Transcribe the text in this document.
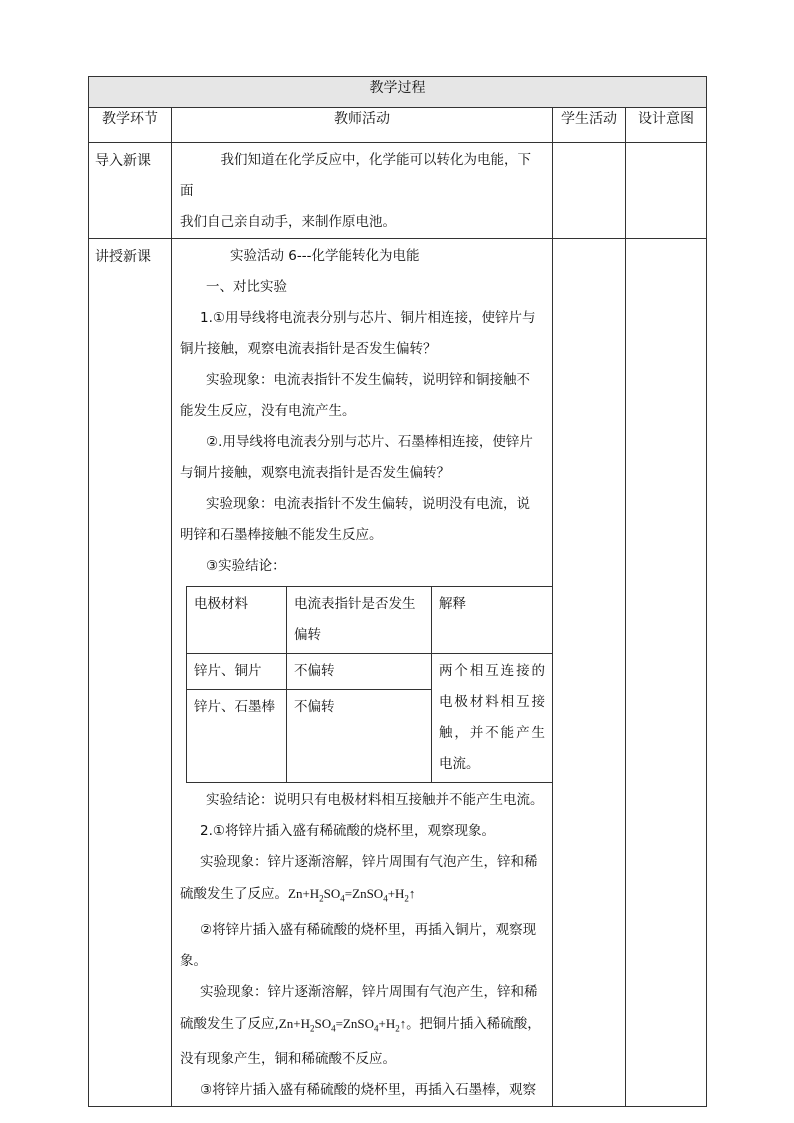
教学过程
教学环节	教师活动	学生活动	设计意图
导入新课	我们知道在化学反应中，化学能可以转化为电能，下面

我们自己亲自动手，来制作原电池。

讲授新课	实验活动 6---化学能转化为电能

一、对比实验

1.①用导线将电流表分别与芯片、铜片相连接，使锌片与

铜片接触，观察电流表指针是否发生偏转？

实验现象：电流表指针不发生偏转，说明锌和铜接触不

能发生反应，没有电流产生。

②.用导线将电流表分别与芯片、石墨棒相连接，使锌片

与铜片接触，观察电流表指针是否发生偏转？

实验现象：电流表指针不发生偏转，说明没有电流，说

明锌和石墨棒接触不能发生反应。

③实验结论：

电极材料	电流表指针是否发生偏转	解释
锌片、铜片	不偏转	两个相互连接的电极材料相互接触，并不能产生电流。
锌片、石墨棒	不偏转

实验结论：说明只有电极材料相互接触并不能产生电流。

2.①将锌片插入盛有稀硫酸的烧杯里，观察现象。

实验现象：锌片逐渐溶解，锌片周围有气泡产生，锌和稀

硫酸发生了反应。$Zn+H_2SO_4=ZnSO_4+H_2↑$

②将锌片插入盛有稀硫酸的烧杯里，再插入铜片，观察现

象。

实验现象：锌片逐渐溶解，锌片周围有气泡产生，锌和稀

硫酸发生了反应$,Zn+H_2SO_4=ZnSO_4+H_2↑$。把铜片插入稀硫酸，

没有现象产生，铜和稀硫酸不反应。

③将锌片插入盛有稀硫酸的烧杯里，再插入石墨棒，观察
